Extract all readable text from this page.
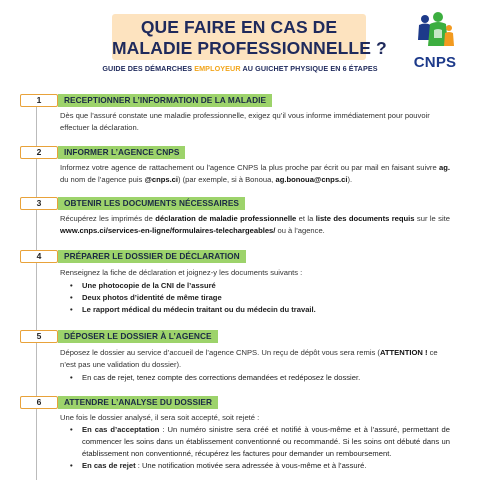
QUE FAIRE EN CAS DE
MALADIE PROFESSIONNELLE ?
GUIDE DES DÉMARCHES EMPLOYEUR AU GUICHET PHYSIQUE EN 6 ÉTAPES	CNPS
1	RECEPTIONNER L’INFORMATION DE LA MALADIE
Dès que l’assuré constate une maladie professionnelle, exigez qu’il vous informe immédiatement pour pouvoir effectuer la déclaration.
2	INFORMER L’AGENCE CNPS
Informez votre agence de rattachement ou l’agence CNPS la plus proche par écrit ou par mail en faisant suivre ag. du nom de l’agence puis @cnps.ci) (par exemple, si à Bonoua, ag.bonoua@cnps.ci).
3	OBTENIR LES DOCUMENTS NÉCESSAIRES
Récupérez les imprimés de déclaration de maladie professionnelle et la liste des documents requis sur le site www.cnps.ci/services-en-ligne/formulaires-telechargeables/ ou à l’agence.
4	PRÉPARER LE DOSSIER DE DÉCLARATION
Renseignez la fiche de déclaration et joignez-y les documents suivants :
• Une photocopie de la CNI de l’assuré
• Deux photos d’identité de même tirage
• Le rapport médical du médecin traitant ou du médecin du travail.
5	DÉPOSER LE DOSSIER À L’AGENCE
Déposez le dossier au service d’accueil de l’agence CNPS. Un reçu de dépôt vous sera remis (ATTENTION ! ce n’est pas une validation du dossier).
• En cas de rejet, tenez compte des corrections demandées et redéposez le dossier.
6	ATTENDRE L’ANALYSE DU DOSSIER
Une fois le dossier analysé, il sera soit accepté, soit rejeté :
• En cas d’acceptation : Un numéro sinistre sera créé et notifié à vous-même et à l’assuré, permettant de commencer les soins dans un établissement conventionné ou recommandé. Si les soins ont débuté dans un établissement non conventionné, récupérez les factures pour demander un remboursement.
• En cas de rejet : Une notification motivée sera adressée à vous-même et à l’assuré.
